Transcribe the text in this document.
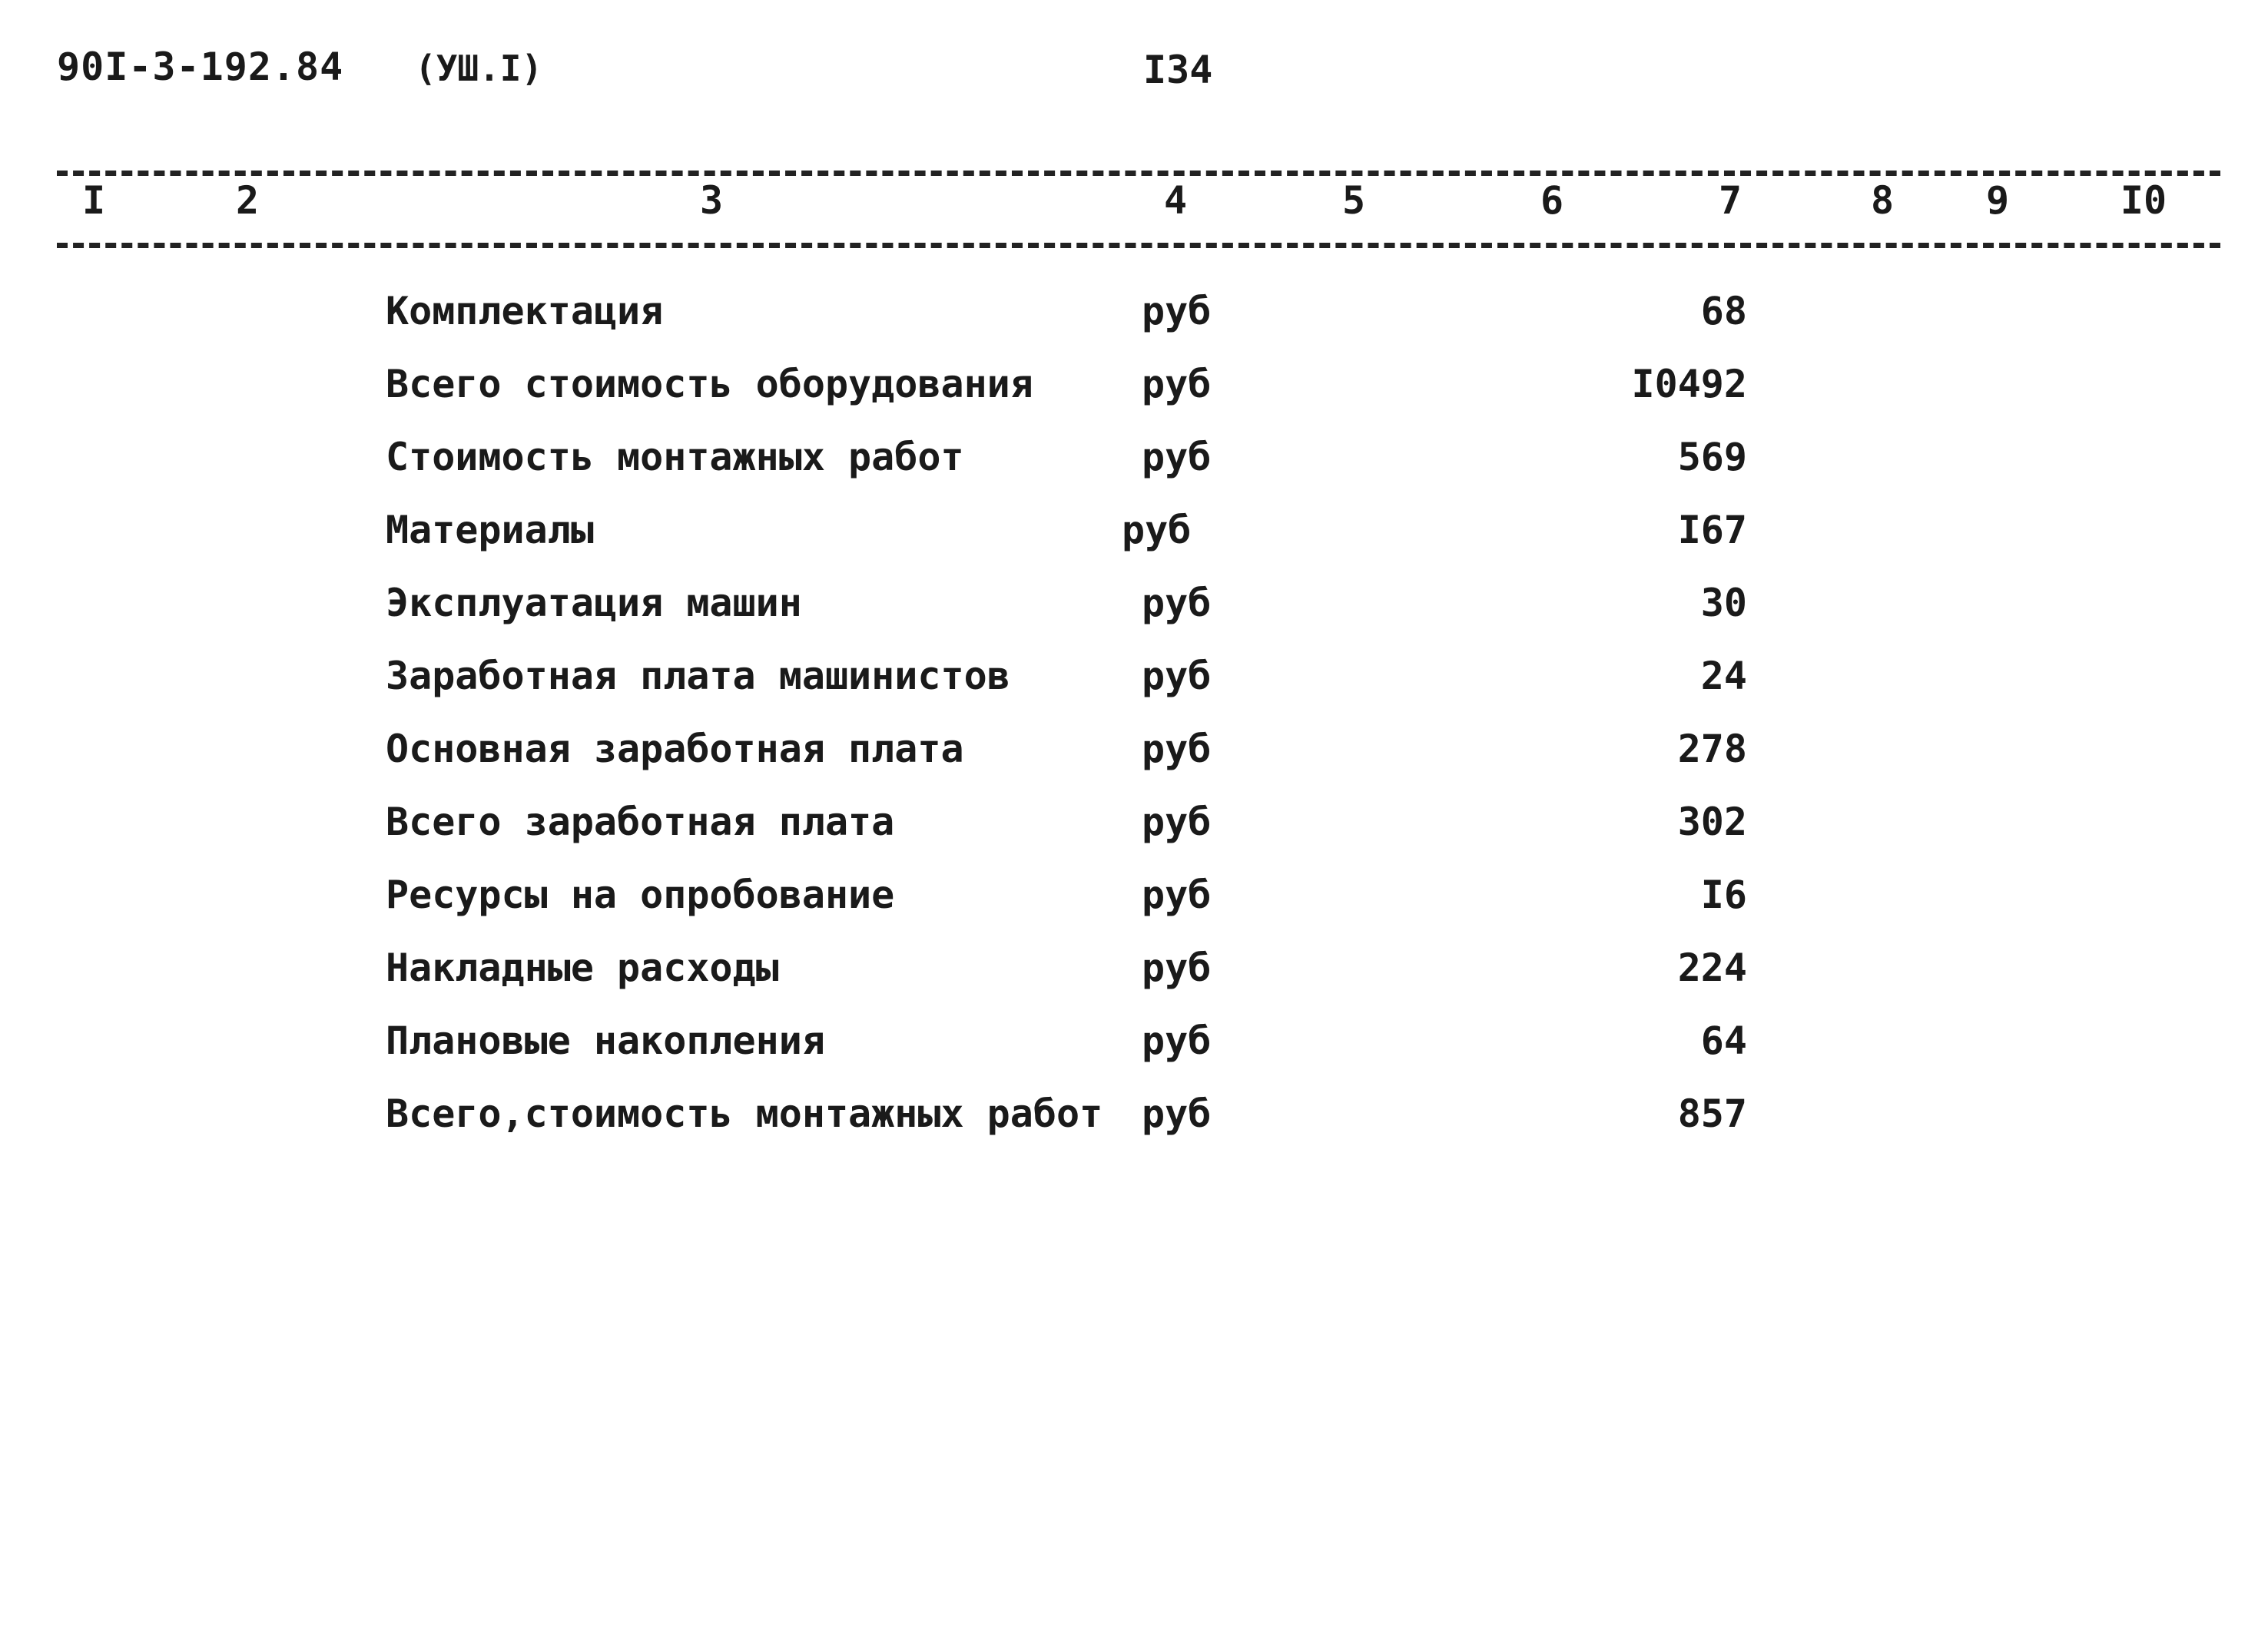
90I-3-192.84 (УШ.I)	I34
I	2	3	4	5	6	7	8 9	I0
Комплектация	руб	68
Всего стоимость оборудования	руб	I0492
Стоимость монтажных работ	руб	569
Материалы	руб	I67
Эксплуатация машин	руб	30
Заработная плата машинистов	руб	24
Основная заработная плата	руб	278
Всего заработная плата	руб	302
Ресурсы на опробование	руб	I6
Накладные расходы	руб	224
Плановые накопления	руб	64
Всего,стоимость монтажных работ руб	857
